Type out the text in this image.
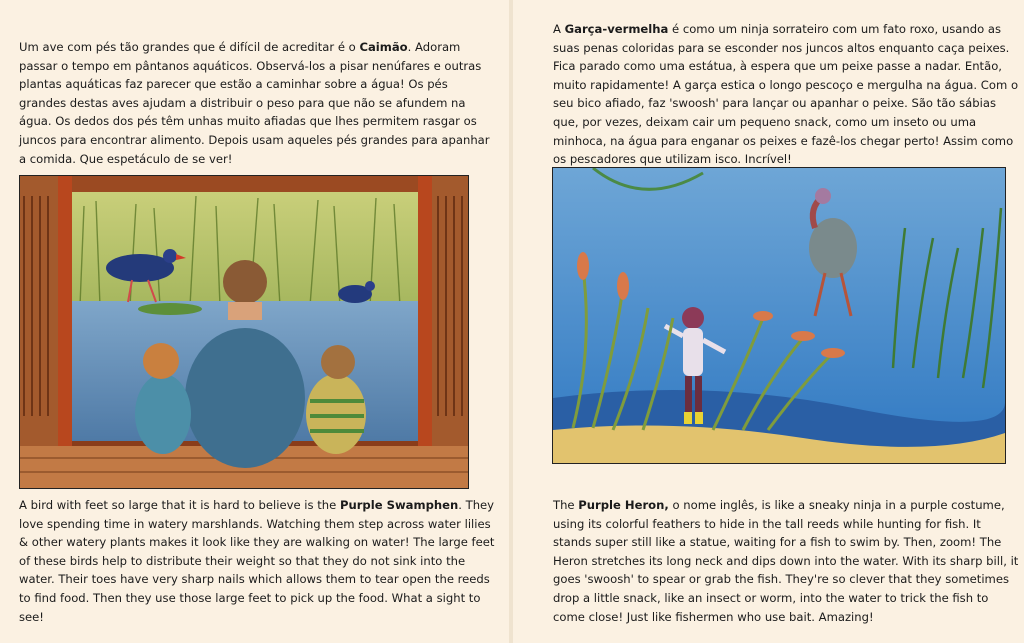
Um ave com pés tão grandes que é difícil de acreditar é o Caimão. Adoram passar o tempo em pântanos aquáticos. Observá-los a pisar nenúfares e outras plantas aquáticas faz parecer que estão a caminhar sobre a água! Os pés grandes destas aves ajudam a distribuir o peso para que não se afundem na água. Os dedos dos pés têm unhas muito afiadas que lhes permitem rasgar os juncos para encontrar alimento. Depois usam aqueles pés grandes para apanhar a comida. Que espetáculo de se ver!

A bird with feet so large that it is hard to believe is the Purple Swamphen. They love spending time in watery marshlands. Watching them step across water lilies & other watery plants makes it look like they are walking on water! The large feet of these birds help to distribute their weight so that they do not sink into the water. Their toes have very sharp nails which allows them to tear open the reeds to find food. Then they use those large feet to pick up the food. What a sight to see!

A Garça-vermelha é como um ninja sorrateiro com um fato roxo, usando as suas penas coloridas para se esconder nos juncos altos enquanto caça peixes. Fica parado como uma estátua, à espera que um peixe passe a nadar. Então, muito rapidamente! A garça estica o longo pescoço e mergulha na água. Com o seu bico afiado, faz 'swoosh' para lançar ou apanhar o peixe. São tão sábias que, por vezes, deixam cair um pequeno snack, como um inseto ou uma minhoca, na água para enganar os peixes e fazê-los chegar perto! Assim como os pescadores que utilizam isco. Incrível!

The Purple Heron, o nome inglês, is like a sneaky ninja in a purple costume, using its colorful feathers to hide in the tall reeds while hunting for fish. It stands super still like a statue, waiting for a fish to swim by. Then, zoom! The Heron stretches its long neck and dips down into the water. With its sharp bill, it goes 'swoosh' to spear or grab the fish. They're so clever that they sometimes drop a little snack, like an insect or worm, into the water to trick the fish to come close! Just like fishermen who use bait. Amazing!
